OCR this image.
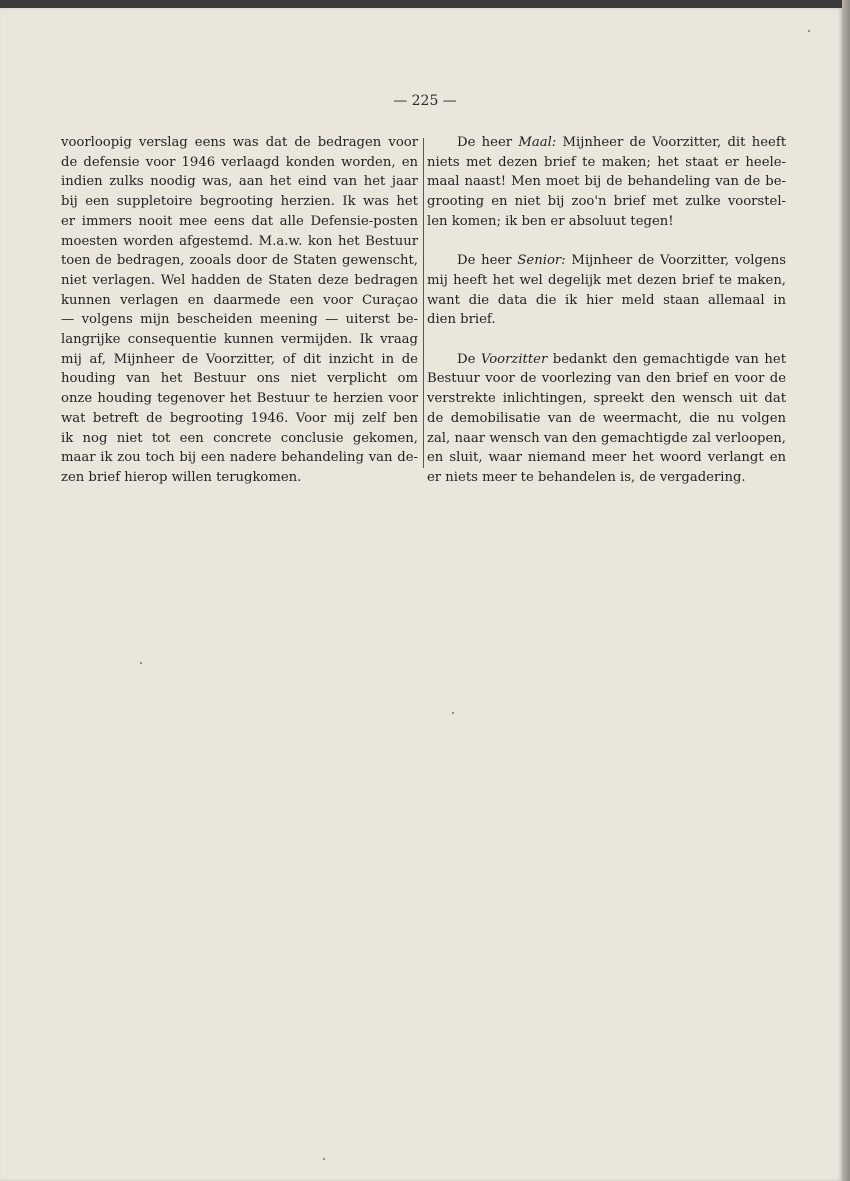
— 225 —
voorloopig verslag eens was dat de bedragen voor
de defensie voor 1946 verlaagd konden worden, en
indien zulks noodig was, aan het eind van het jaar
bij een suppletoire begrooting herzien. Ik was het
er immers nooit mee eens dat alle Defensie-posten
moesten worden afgestemd. M.a.w. kon het Bestuur
toen de bedragen, zooals door de Staten gewenscht,
niet verlagen. Wel hadden de Staten deze bedragen
kunnen verlagen en daarmede een voor Curaçao
— volgens mijn bescheiden meening — uiterst be-
langrijke consequentie kunnen vermijden. Ik vraag
mij af, Mijnheer de Voorzitter, of dit inzicht in de
houding van het Bestuur ons niet verplicht om
onze houding tegenover het Bestuur te herzien voor
wat betreft de begrooting 1946. Voor mij zelf ben
ik nog niet tot een concrete conclusie gekomen,
maar ik zou toch bij een nadere behandeling van de-
zen brief hierop willen terugkomen.
De heer Maal: Mijnheer de Voorzitter, dit heeft
niets met dezen brief te maken; het staat er heele-
maal naast! Men moet bij de behandeling van de be-
grooting en niet bij zoo'n brief met zulke voorstel-
len komen; ik ben er absoluut tegen!
De heer Senior: Mijnheer de Voorzitter, volgens
mij heeft het wel degelijk met dezen brief te maken,
want die data die ik hier meld staan allemaal in
dien brief.
De Voorzitter bedankt den gemachtigde van het
Bestuur voor de voorlezing van den brief en voor de
verstrekte inlichtingen, spreekt den wensch uit dat
de demobilisatie van de weermacht, die nu volgen
zal, naar wensch van den gemachtigde zal verloopen,
en sluit, waar niemand meer het woord verlangt en
er niets meer te behandelen is, de vergadering.
